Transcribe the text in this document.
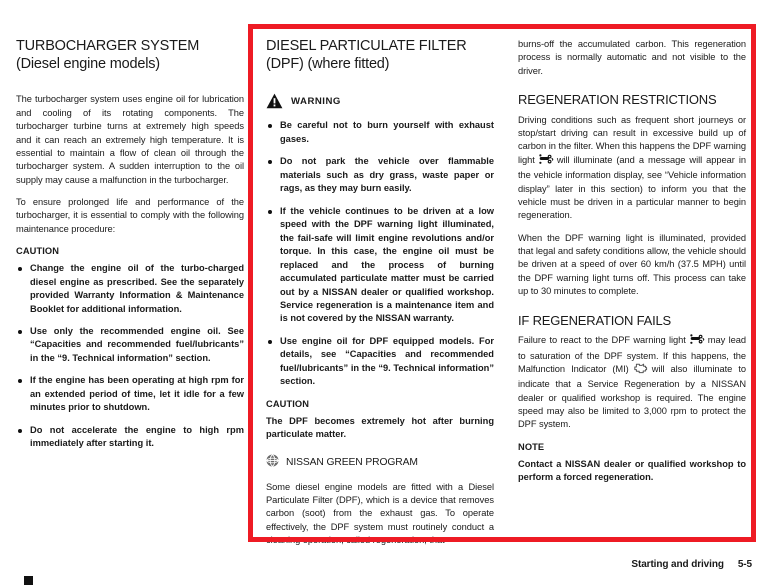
TURBOCHARGER SYSTEM
(Diesel engine models)

The turbocharger system uses engine oil for lubrication and cooling of its rotating components. The turbocharger turbine turns at extremely high speeds and it can reach an extremely high temperature. It is essential to maintain a flow of clean oil through the turbocharger system. A sudden interruption to the oil supply may cause a malfunction in the turbocharger.

To ensure prolonged life and performance of the turbocharger, it is essential to comply with the following maintenance procedure:

CAUTION
Change the engine oil of the turbo-charged diesel engine as prescribed. See the separately provided Warranty Information & Maintenance Booklet for additional information.
Use only the recommended engine oil. See “Capacities and recommended fuel/lubricants” in the “9. Technical information” section.
If the engine has been operating at high rpm for an extended period of time, let it idle for a few minutes prior to shutdown.
Do not accelerate the engine to high rpm immediately after starting it.
DIESEL PARTICULATE FILTER
(DPF) (where fitted)
WARNING
Be careful not to burn yourself with exhaust gases.
Do not park the vehicle over flammable materials such as dry grass, waste paper or rags, as they may burn easily.
If the vehicle continues to be driven at a low speed with the DPF warning light illuminated, the fail-safe will limit engine revolutions and/or torque. In this case, the engine oil must be replaced and the process of burning accumulated particulate matter must be carried out by a NISSAN dealer or qualified workshop. Service regeneration is a maintenance item and is not covered by the NISSAN warranty.
Use engine oil for DPF equipped models. For details, see “Capacities and recommended fuel/lubricants” in the “9. Technical information” section.
CAUTION

The DPF becomes extremely hot after burning particulate matter.

NISSAN GREEN PROGRAM

Some diesel engine models are fitted with a Diesel Particulate Filter (DPF), which is a device that removes carbon (soot) from the exhaust gas. To operate effectively, the DPF system must routinely conduct a cleaning operation, called regeneration, that

burns-off the accumulated carbon. This regeneration process is normally automatic and not visible to the driver.

REGENERATION RESTRICTIONS

Driving conditions such as frequent short journeys or stop/start driving can result in excessive build up of carbon in the filter. When this happens the DPF warning light will illuminate (and a message will appear in the vehicle information display, see “Vehicle information display” later in this section) to inform you that the vehicle must be driven in a particular manner to begin regeneration.

When the DPF warning light is illuminated, provided that legal and safety conditions allow, the vehicle should be driven at a speed of over 60 km/h (37.5 MPH) until the DPF warning light turns off. This process can take up to 30 minutes to complete.

IF REGENERATION FAILS

Failure to react to the DPF warning light may lead to saturation of the DPF system. If this happens, the Malfunction Indicator (MI) will also illuminate to indicate that a Service Regeneration by a NISSAN dealer or qualified workshop is required. The engine speed may also be limited to 3,000 rpm to protect the DPF system.

NOTE

Contact a NISSAN dealer or qualified workshop to perform a forced regeneration.

Starting and driving 5-5
